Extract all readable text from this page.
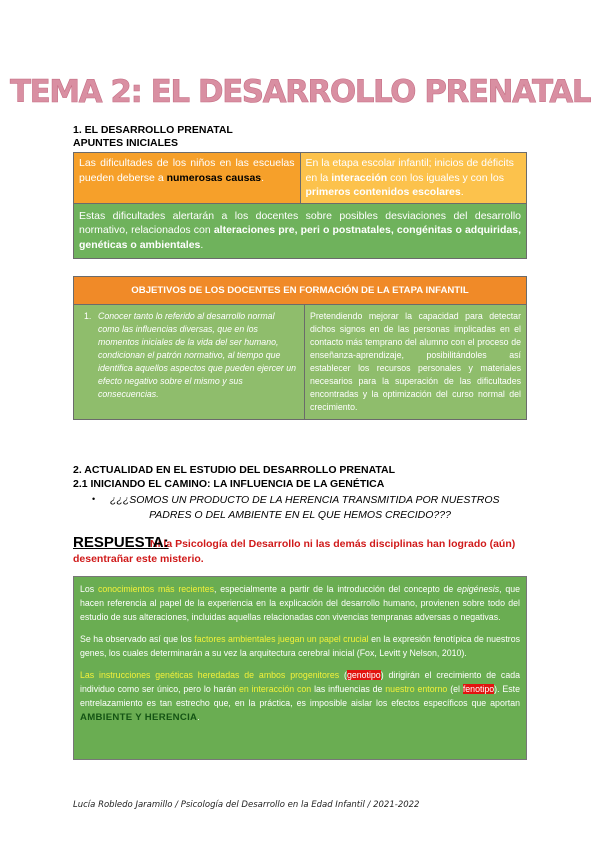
TEMA 2: EL DESARROLLO PRENATAL
1. EL DESARROLLO PRENATAL
APUNTES INICIALES
Las dificultades de los niños en las escuelas pueden deberse a numerosas causas.	En la etapa escolar infantil; inicios de déficits en la interacción con los iguales y con los primeros contenidos escolares.
Estas dificultades alertarán a los docentes sobre posibles desviaciones del desarrollo normativo, relacionados con alteraciones pre, peri o postnatales, congénitas o adquiridas, genéticas o ambientales.
OBJETIVOS DE LOS DOCENTES EN FORMACIÓN DE LA ETAPA INFANTIL

1. Conocer tanto lo referido al desarrollo normal como las influencias diversas, que en los momentos iniciales de la vida del ser humano, condicionan el patrón normativo, al tiempo que identifica aquellos aspectos que pueden ejercer un efecto negativo sobre el mismo y sus consecuencias.	Pretendiendo mejorar la capacidad para detectar dichos signos en de las personas implicadas en el contacto más temprano del alumno con el proceso de enseñanza-aprendizaje, posibilitándoles así establecer los recursos personales y materiales necesarios para la superación de las dificultades encontradas y la optimización del curso normal del crecimiento.
2. ACTUALIDAD EN EL ESTUDIO DEL DESARROLLO PRENATAL
2.1 INICIANDO EL CAMINO: LA INFLUENCIA DE LA GENÉTICA
• ¿¿¿SOMOS UN PRODUCTO DE LA HERENCIA TRANSMITIDA POR NUESTROS
PADRES O DEL AMBIENTE EN EL QUE HEMOS CRECIDO???
Ni la Psicología del Desarrollo ni las demás disciplinas han logrado (aún) desentrañar este misterio.
RESPUESTA:

Los conocimientos más recientes, especialmente a partir de la introducción del concepto de epigénesis, que hacen referencia al papel de la experiencia en la explicación del desarrollo humano, provienen sobre todo del estudio de sus alteraciones, incluidas aquellas relacionadas con vivencias tempranas adversas o negativas.

Se ha observado así que los factores ambientales juegan un papel crucial en la expresión fenotípica de nuestros genes, los cuales determinarán a su vez la arquitectura cerebral inicial (Fox, Levitt y Nelson, 2010).

Las instrucciones genéticas heredadas de ambos progenitores (genotipo) dirigirán el crecimiento de cada individuo como ser único, pero lo harán en interacción con las influencias de nuestro entorno (el fenotipo). Este entrelazamiento es tan estrecho que, en la práctica, es imposible aislar los efectos específicos que aportan AMBIENTE Y HERENCIA.

Lucía Robledo Jaramillo / Psicología del Desarrollo en la Edad Infantil / 2021-2022
